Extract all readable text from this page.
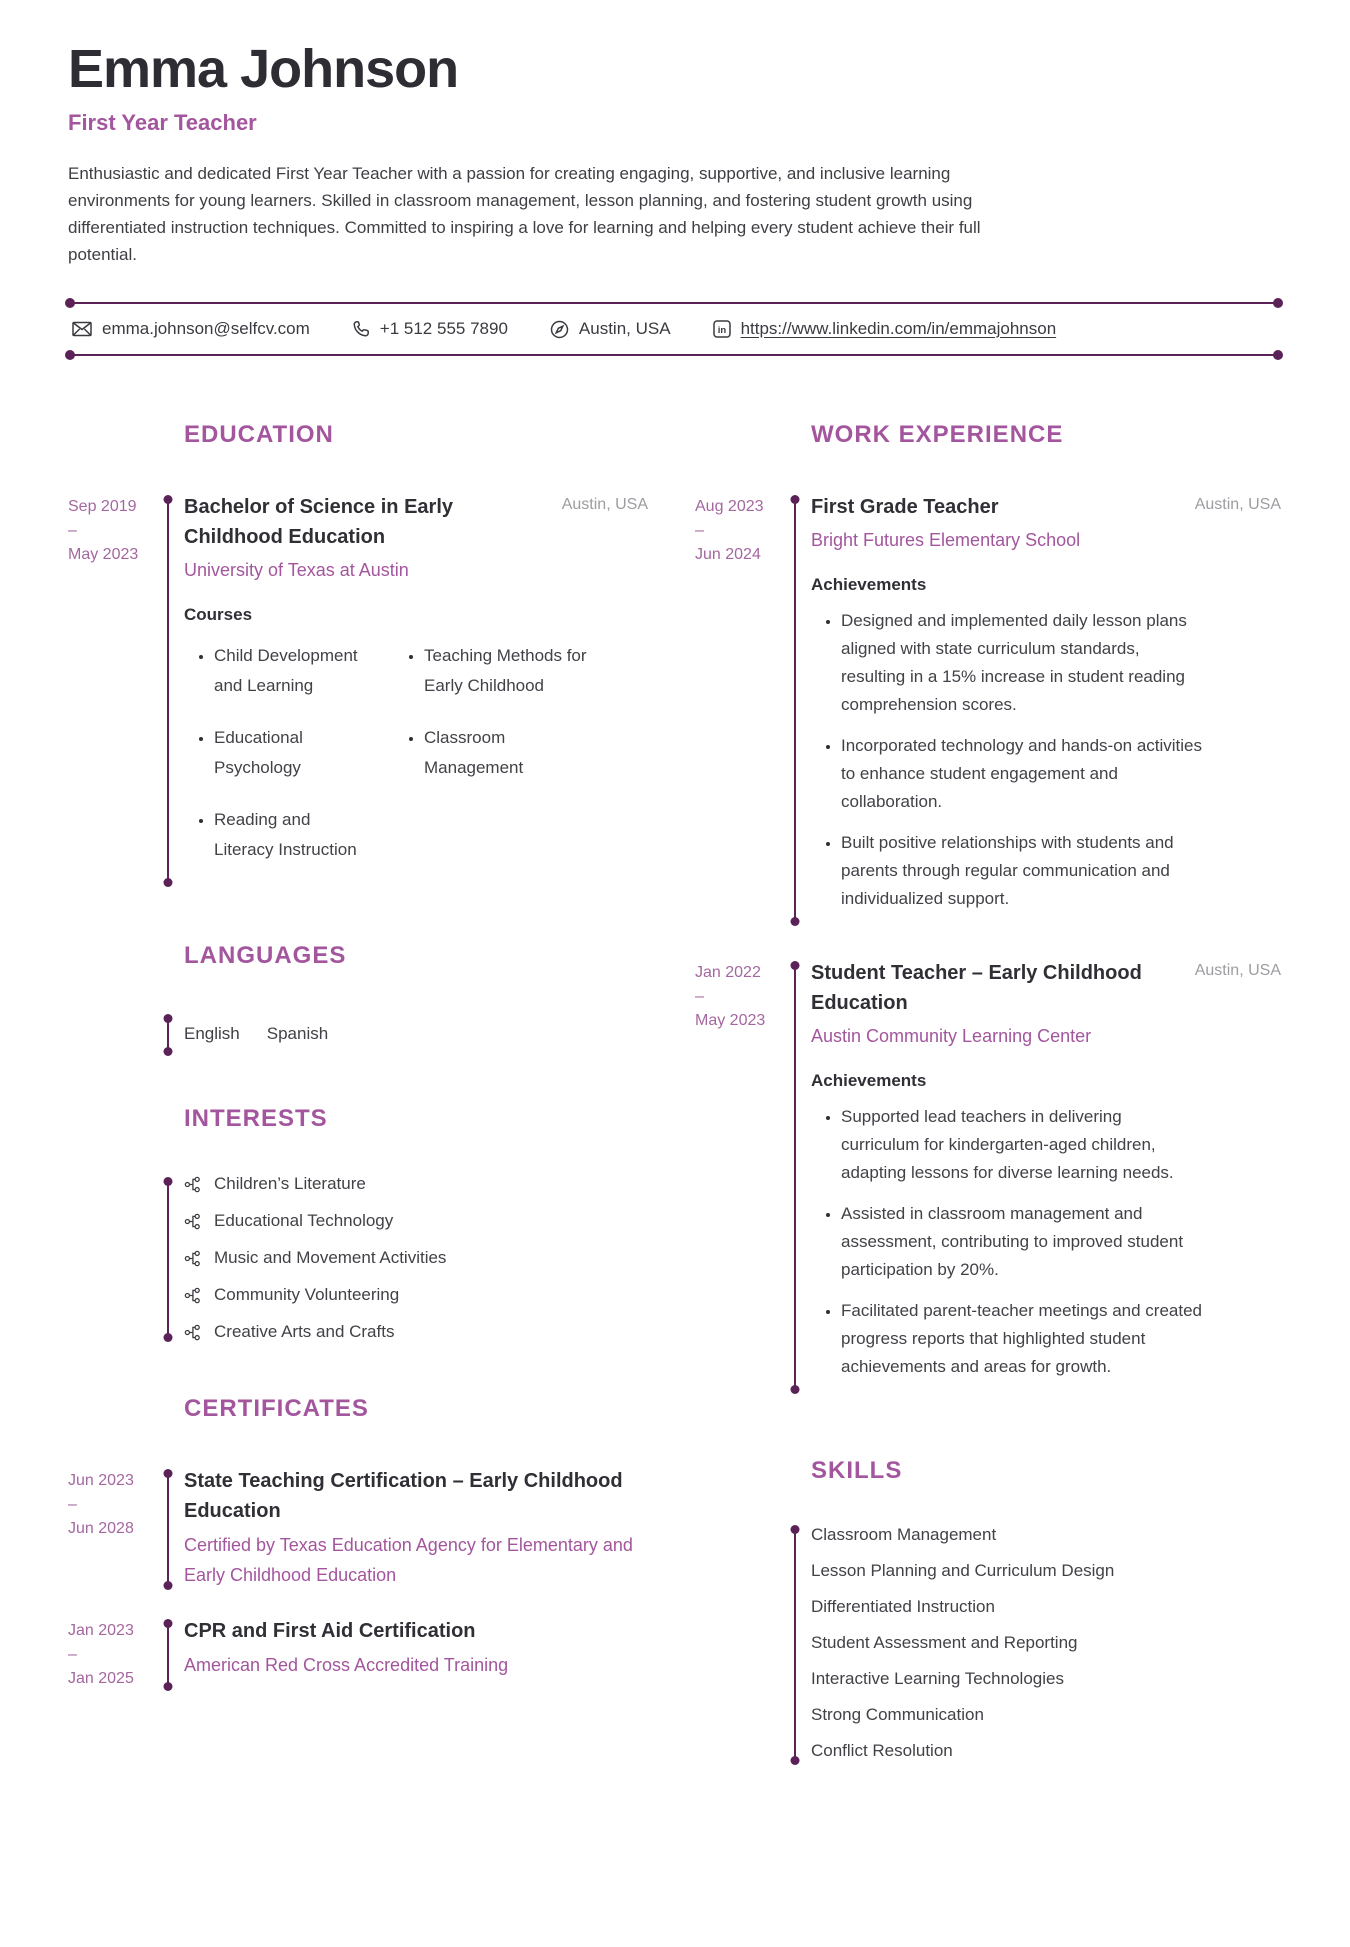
Emma Johnson
First Year Teacher

Enthusiastic and dedicated First Year Teacher with a passion for creating engaging, supportive, and inclusive learning environments for young learners. Skilled in classroom management, lesson planning, and fostering student growth using differentiated instruction techniques. Committed to inspiring a love for learning and helping every student achieve their full potential.

emma.johnson@selfcv.com	+1 512 555 7890	Austin, USA	in https://www.linkedin.com/in/emmajohnson
EDUCATION
Sep 2019
–
May 2023
Bachelor of Science in Early Childhood Education
Austin, USA
University of Texas at Austin
Courses
• Child Development and Learning
• Educational Psychology
• Reading and Literacy Instruction
• Teaching Methods for Early Childhood
• Classroom Management
LANGUAGES
English Spanish
INTERESTS
Children’s Literature
Educational Technology
Music and Movement Activities
Community Volunteering
Creative Arts and Crafts
CERTIFICATES
Jun 2023
–
Jun 2028
State Teaching Certification – Early Childhood Education
Certified by Texas Education Agency for Elementary and Early Childhood Education
Jan 2023
–
Jan 2025
CPR and First Aid Certification
American Red Cross Accredited Training
WORK EXPERIENCE
Aug 2023
–
Jun 2024
First Grade Teacher	Austin, USA
Bright Futures Elementary School
Achievements
• Designed and implemented daily lesson plans aligned with state curriculum standards, resulting in a 15% increase in student reading comprehension scores.
• Incorporated technology and hands-on activities to enhance student engagement and collaboration.
• Built positive relationships with students and parents through regular communication and individualized support.
Jan 2022
–
May 2023
Student Teacher – Early Childhood Education
Austin, USA
Austin Community Learning Center
Achievements
• Supported lead teachers in delivering curriculum for kindergarten-aged children, adapting lessons for diverse learning needs.
• Assisted in classroom management and assessment, contributing to improved student participation by 20%.
• Facilitated parent-teacher meetings and created progress reports that highlighted student achievements and areas for growth.
SKILLS
Classroom Management
Lesson Planning and Curriculum Design
Differentiated Instruction
Student Assessment and Reporting
Interactive Learning Technologies
Strong Communication
Conflict Resolution
